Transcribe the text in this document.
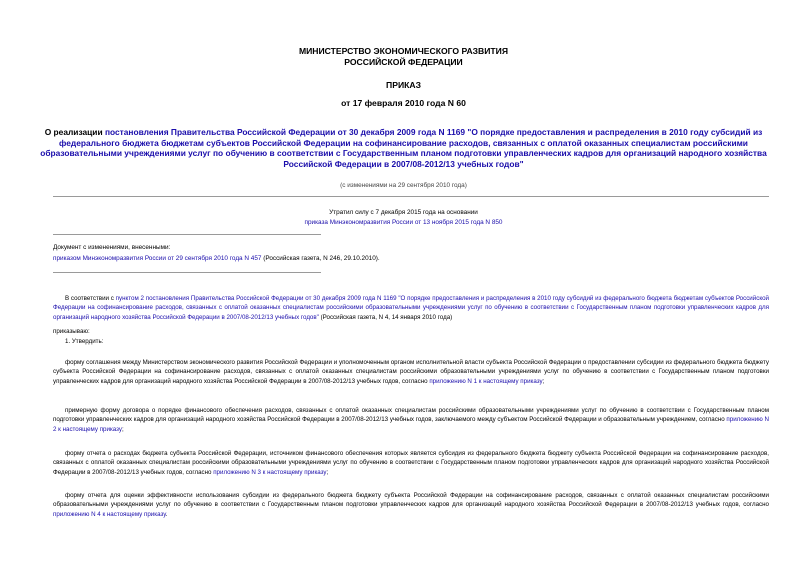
МИНИСТЕРСТВО ЭКОНОМИЧЕСКОГО РАЗВИТИЯ
РОССИЙСКОЙ ФЕДЕРАЦИИ
ПРИКАЗ
от 17 февраля 2010 года N 60
О реализации постановления Правительства Российской Федерации от 30 декабря 2009 года N 1169 "О порядке предоставления и распределения в 2010 году субсидий из федерального бюджета бюджетам субъектов Российской Федерации на софинансирование расходов, связанных с оплатой оказанных специалистам российскими образовательными учреждениями услуг по обучению в соответствии с Государственным планом подготовки управленческих кадров для организаций народного хозяйства Российской Федерации в 2007/08-2012/13 учебных годов"
(с изменениями на 29 сентября 2010 года)
Утратил силу с 7 декабря 2015 года на основании
приказа Минэкономразвития России от 13 ноября 2015 года N 850
Документ с изменениями, внесенными:
приказом Минэкономразвития России от 29 сентября 2010 года N 457 (Российская газета, N 246, 29.10.2010).

В соответствии с пунктом 2 постановления Правительства Российской Федерации от 30 декабря 2009 года N 1169 "О порядке предоставления и распределения в 2010 году субсидий из федерального бюджета бюджетам субъектов Российской Федерации на софинансирование расходов, связанных с оплатой оказанных специалистам российскими образовательными учреждениями услуг по обучению в соответствии с Государственным планом подготовки управленческих кадров для организаций народного хозяйства Российской Федерации в 2007/08-2012/13 учебных годов" (Российская газета, N 4, 14 января 2010 года)

приказываю:
1. Утвердить:

форму соглашения между Министерством экономического развития Российской Федерации и уполномоченным органом исполнительной власти субъекта Российской Федерации о предоставлении субсидии из федерального бюджета бюджету субъекта Российской Федерации на софинансирование расходов, связанных с оплатой оказанных специалистам российскими образовательными учреждениями услуг по обучению в соответствии с Государственным планом подготовки управленческих кадров для организаций народного хозяйства Российской Федерации в 2007/08-2012/13 учебных годов, согласно приложению N 1 к настоящему приказу;

примерную форму договора о порядке финансового обеспечения расходов, связанных с оплатой оказанных специалистам российскими образовательными учреждениями услуг по обучению в соответствии с Государственным планом подготовки управленческих кадров для организаций народного хозяйства Российской Федерации в 2007/08-2012/13 учебных годов, заключаемого между субъектом Российской Федерации и образовательным учреждением, согласно приложению N 2 к настоящему приказу;

форму отчета о расходах бюджета субъекта Российской Федерации, источником финансового обеспечения которых является субсидия из федерального бюджета бюджету субъекта Российской Федерации на софинансирование расходов, связанных с оплатой оказанных специалистам российскими образовательными учреждениями услуг по обучению в соответствии с Государственным планом подготовки управленческих кадров для организаций народного хозяйства Российской Федерации в 2007/08-2012/13 учебных годов, согласно приложению N 3 к настоящему приказу;

форму отчета для оценки эффективности использования субсидии из федерального бюджета бюджету субъекта Российской Федерации на софинансирование расходов, связанных с оплатой оказанных специалистам российскими образовательными учреждениями услуг по обучению в соответствии с Государственным планом подготовки управленческих кадров для организаций народного хозяйства Российской Федерации в 2007/08-2012/13 учебных годов, согласно приложению N 4 к настоящему приказу.
